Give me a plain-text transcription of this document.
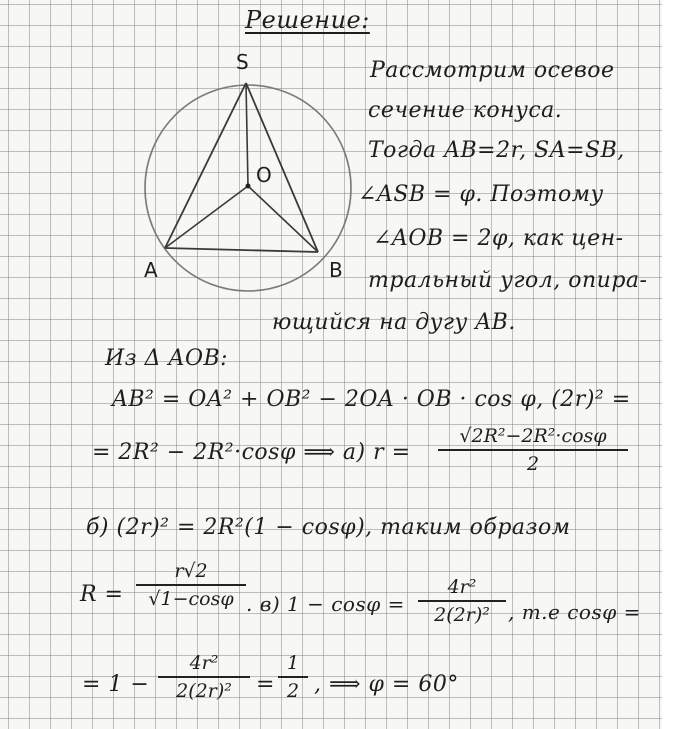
Решение:
S
O
A	B
Рассмотрим осевое
сечение конуса.
Тогда AB=2r, SA=SB,
∠ASB = φ. Поэтому
∠AOB = 2φ, как цен-
тральный угол, опира-
ющийся на дугу AB.
Из Δ AOB:
AB² = OA² + OB² − 2OA · OB · cos φ, (2r)² =
= 2R² − 2R²·cosφ ⟹ а) r =
√2R²−2R²·cosφ
2
б) (2r)² = 2R²(1 − cosφ), таким образом
R =
r√2
√1−cosφ . в) 1 − cosφ =
4r²
2(2r)² , т.е cosφ =
= 1 −
4r²
2(2r)²	=
1
2 , ⟹ φ = 60°
